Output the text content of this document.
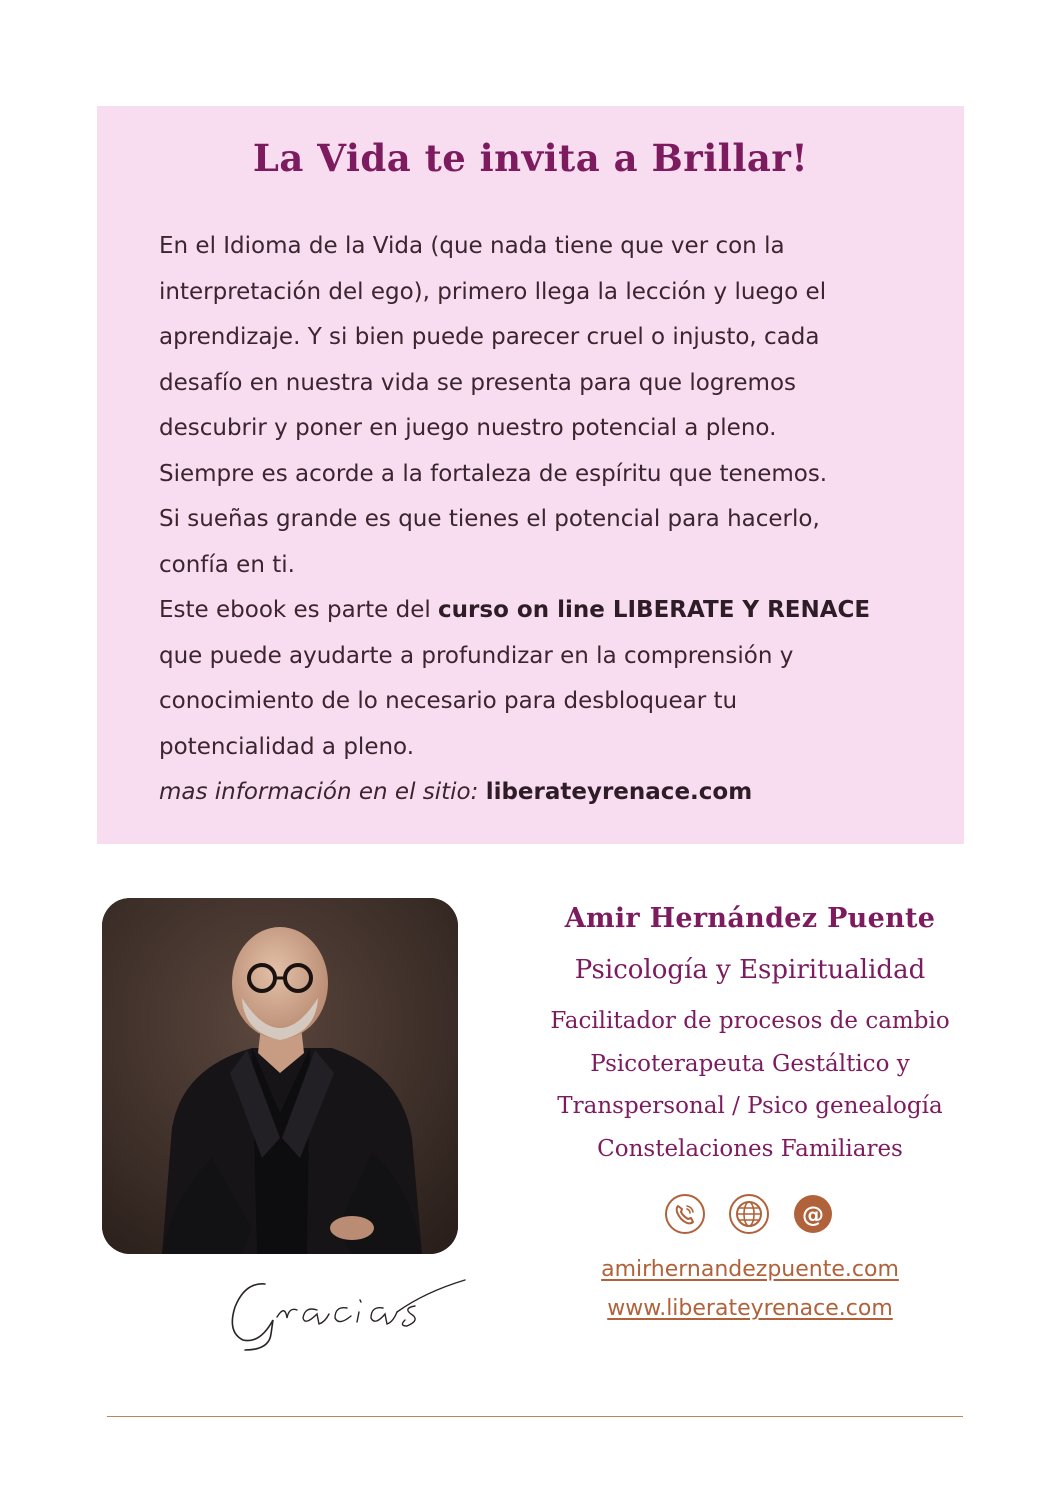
La Vida te invita a Brillar!
En el Idioma de la Vida (que nada tiene que ver con la
interpretación del ego), primero llega la lección y luego el
aprendizaje. Y si bien puede parecer cruel o injusto, cada
desafío en nuestra vida se presenta para que logremos
descubrir y poner en juego nuestro potencial a pleno.
Siempre es acorde a la fortaleza de espíritu que tenemos.
Si sueñas grande es que tienes el potencial para hacerlo,
confía en ti.
Este ebook es parte del curso on line LIBERATE Y RENACE
que puede ayudarte a profundizar en la comprensión y
conocimiento de lo necesario para desbloquear tu
potencialidad a pleno.
mas información en el sitio: liberateyrenace.com
Amir Hernández Puente
Psicología y Espiritualidad
Facilitador de procesos de cambio
Psicoterapeuta Gestáltico y
Transpersonal / Psico genealogía
Constelaciones Familiares
@
amirhernandezpuente.com
www.liberateyrenace.com
